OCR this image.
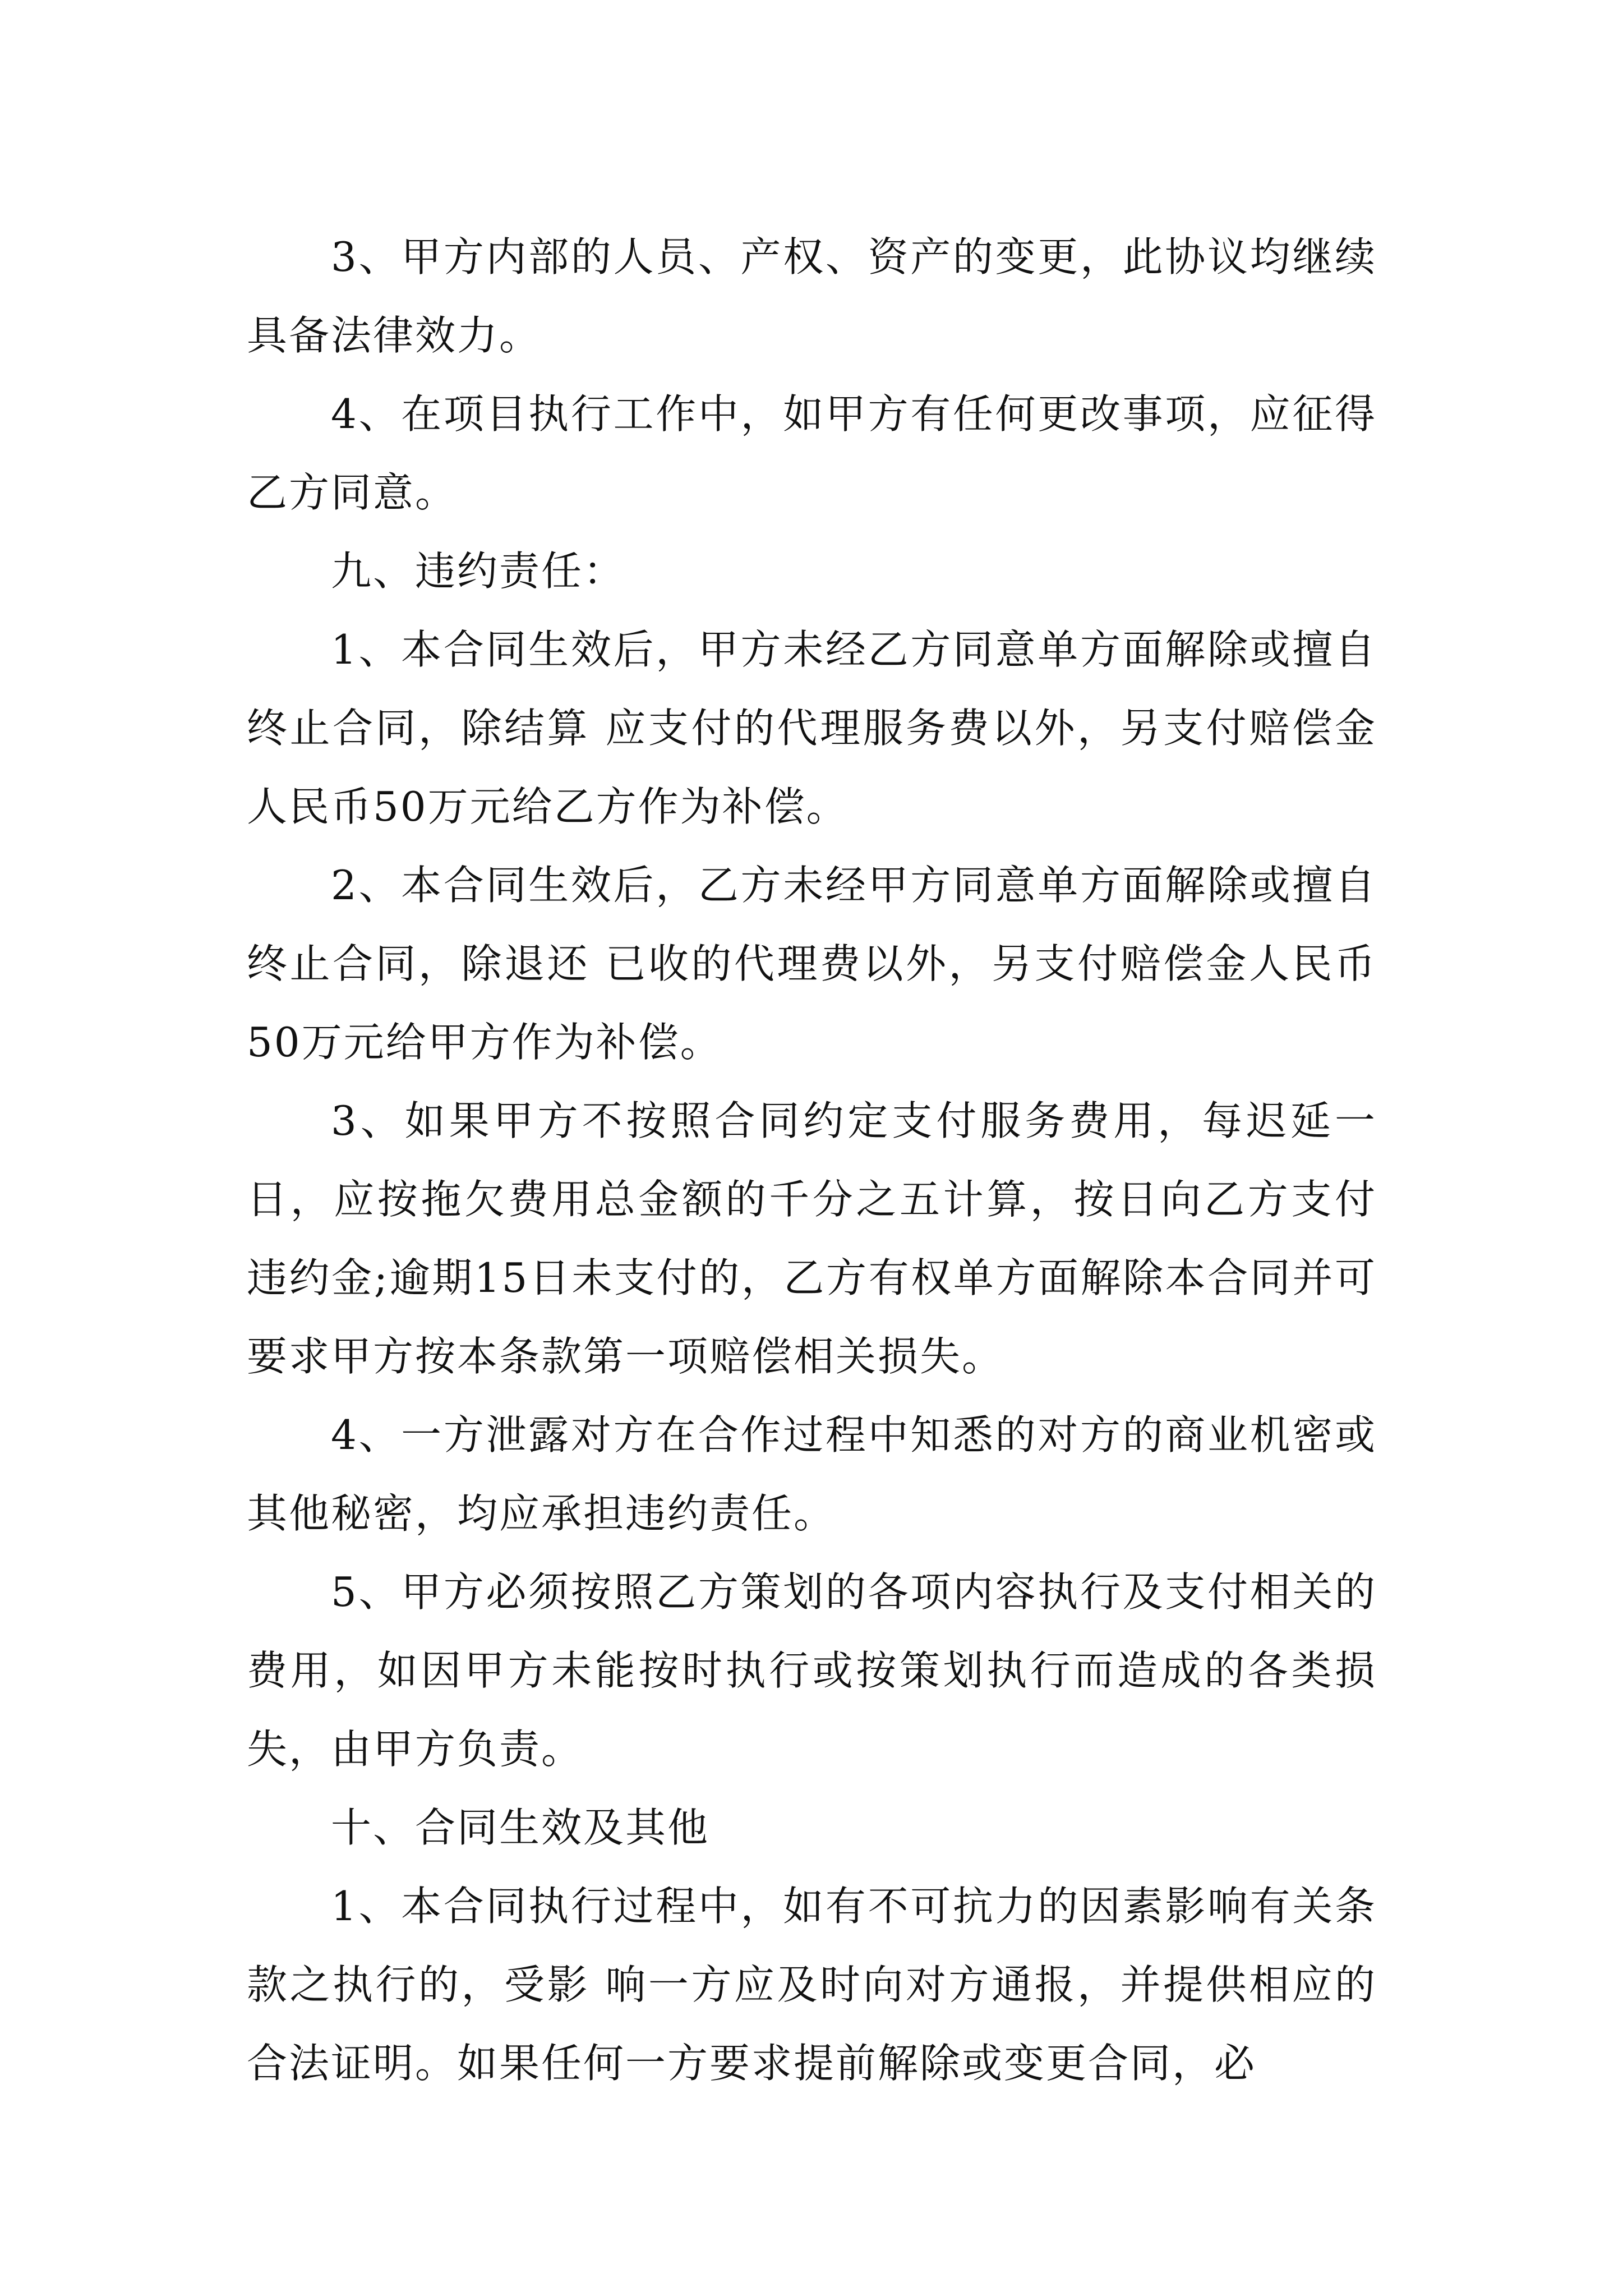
3、甲方内部的人员、产权、资产的变更，此协议均继续具备法律效力。

4、在项目执行工作中，如甲方有任何更改事项，应征得乙方同意。

九、违约责任：

1、本合同生效后，甲方未经乙方同意单方面解除或擅自终止合同，除结算 应支付的代理服务费以外，另支付赔偿金人民币50万元给乙方作为补偿。

2、本合同生效后，乙方未经甲方同意单方面解除或擅自终止合同，除退还 已收的代理费以外，另支付赔偿金人民币50万元给甲方作为补偿。

3、如果甲方不按照合同约定支付服务费用，每迟延一日，应按拖欠费用总金额的千分之五计算，按日向乙方支付违约金;逾期15日未支付的，乙方有权单方面解除本合同并可要求甲方按本条款第一项赔偿相关损失。

4、一方泄露对方在合作过程中知悉的对方的商业机密或其他秘密，均应承担违约责任。

5、甲方必须按照乙方策划的各项内容执行及支付相关的费用，如因甲方未能按时执行或按策划执行而造成的各类损失，由甲方负责。

十、合同生效及其他

1、本合同执行过程中，如有不可抗力的因素影响有关条款之执行的，受影 响一方应及时向对方通报，并提供相应的合法证明。如果任何一方要求提前解除或变更合同，必
